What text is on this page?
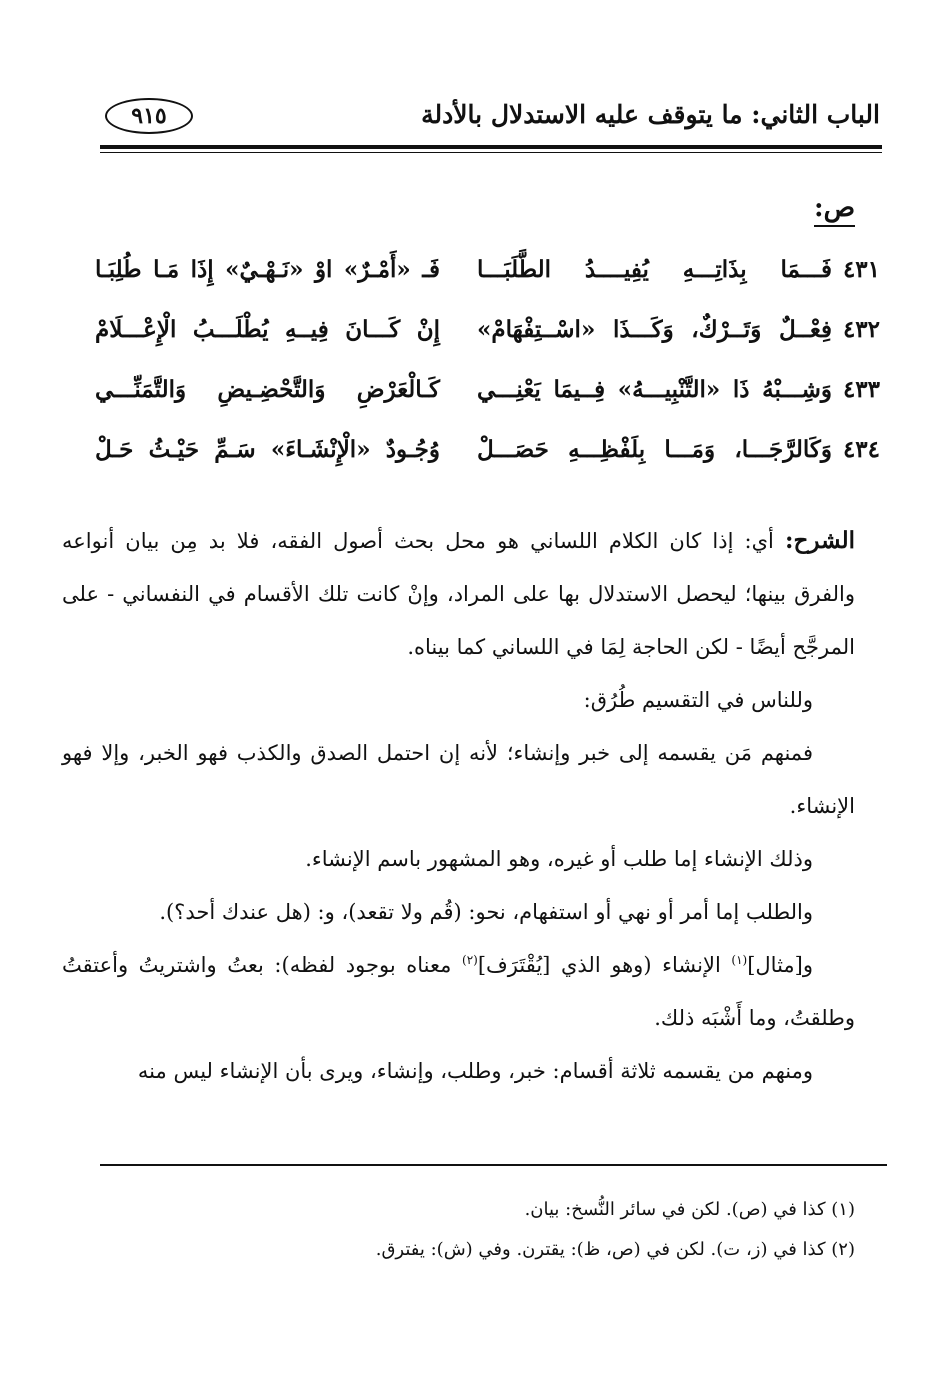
الباب الثاني: ما يتوقف عليه الاستدلال بالأدلة
٩١٥
ص:
٤٣١
فَـــمَا بِذَاتِـــهِ يُفِيــــدُ الطَّلَبَـــا
فَـ «أَمْـرٌ» اوْ «نَـهْـيٌ» إِذَا مَـا طُلِبَـا
٤٣٢
فِعْــلٌ وَتَــرْكٌ، وَكَـــذَا «اسْــتِفْهَامْ»
إِنْ كَـــانَ فِيــهِ يُطْلَـــبُ الْإِعْـــلَامْ
٤٣٣
وَشِـــبْهُ ذَا «التَّنْبِيـــهُ» فِــيمَا يَعْنِـــي
كَـالْعَرْضِ وَالتَّحْضِـيضِ وَالتَّمَنِّـــي
٤٣٤
وَكَالرَّجَـــا، وَمَـــا بِلَفْظِـــهِ حَصَـــلْ
وُجُـودٌ «الْإِنْشَـاءَ» سَـمِّ حَيْـثُ حَـلْ

الشرح: أي: إذا كان الكلام اللساني هو محل بحث أصول الفقه، فلا بد مِن بيان أنواعه والفرق بينها؛ ليحصل الاستدلال بها على المراد، وإنْ كانت تلك الأقسام في النفساني - على المرجَّح أيضًا - لكن الحاجة لِمَا في اللساني كما بيناه.

وللناس في التقسيم طُرُق:

فمنهم مَن يقسمه إلى خبر وإنشاء؛ لأنه إن احتمل الصدق والكذب فهو الخبر، وإلا فهو الإنشاء.

وذلك الإنشاء إما طلب أو غيره، وهو المشهور باسم الإنشاء.

والطلب إما أمر أو نهي أو استفهام، نحو: (قُم ولا تقعد)، و: (هل عندك أحد؟).

و[مثال]$^{(١)}$ الإنشاء (وهو الذي [يُقْتَرَف]$^{(٢)}$ معناه بوجود لفظه): بعتُ واشتريتُ وأعتقتُ وطلقتُ، وما أَشْبَه ذلك.

ومنهم من يقسمه ثلاثة أقسام: خبر، وطلب، وإنشاء، ويرى بأن الإنشاء ليس منه

(١) كذا في (ص). لكن في سائر النُّسخ: بيان.

(٢) كذا في (ز، ت). لكن في (ص، ظ): يقترن. وفي (ش): يفترق.
